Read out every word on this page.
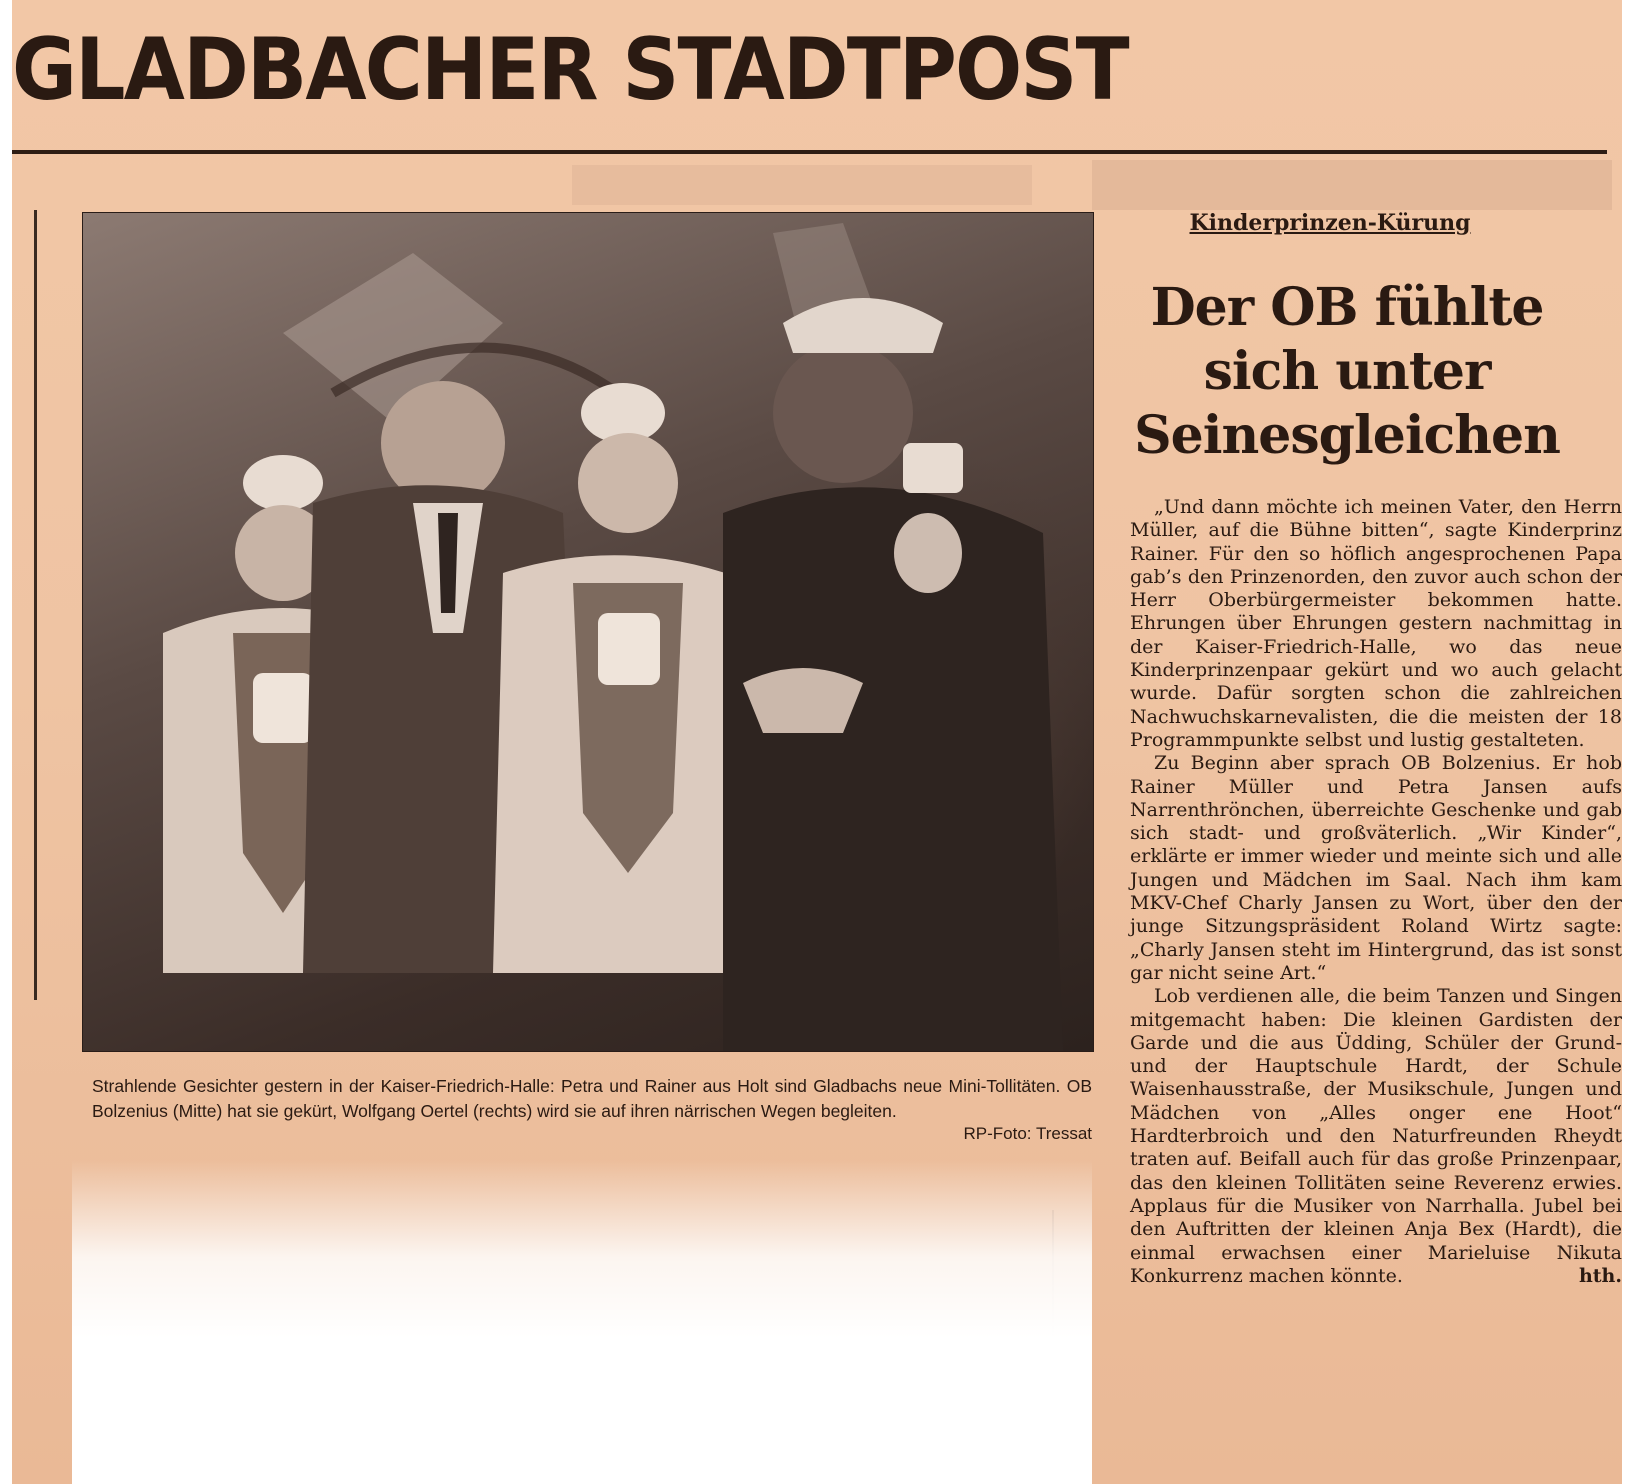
GLADBACHER STADTPOST
Strahlende Gesichter gestern in der Kaiser-Friedrich-Halle: Petra und Rainer aus Holt sind Gladbachs neue Mini-Tollitäten. OB Bolzenius (Mitte) hat sie gekürt, Wolfgang Oertel (rechts) wird sie auf ihren närrischen Wegen begleiten.
RP-Foto: Tressat
Kinderprinzen-Kürung
Der OB fühlte
sich unter
Seinesgleichen

„Und dann möchte ich meinen Vater, den Herrn Müller, auf die Bühne bitten“, sagte Kinderprinz Rainer. Für den so höflich angesprochenen Papa gab’s den Prinzenorden, den zuvor auch schon der Herr Oberbürgermeister bekommen hatte. Ehrungen über Ehrungen gestern nachmittag in der Kaiser-Friedrich-Halle, wo das neue Kinderprinzenpaar gekürt und wo auch gelacht wurde. Dafür sorgten schon die zahlreichen Nachwuchskarnevalisten, die die meisten der 18 Programmpunkte selbst und lustig gestalteten.

Zu Beginn aber sprach OB Bolzenius. Er hob Rainer Müller und Petra Jansen aufs Narrenthrönchen, überreichte Geschenke und gab sich stadt- und großväterlich. „Wir Kinder“, erklärte er immer wieder und meinte sich und alle Jungen und Mädchen im Saal. Nach ihm kam MKV-Chef Charly Jansen zu Wort, über den der junge Sitzungspräsident Roland Wirtz sagte: „Charly Jansen steht im Hintergrund, das ist sonst gar nicht seine Art.“

Lob verdienen alle, die beim Tanzen und Singen mitgemacht haben: Die kleinen Gardisten der Garde und die aus Üdding, Schüler der Grund- und der Hauptschule Hardt, der Schule Waisenhausstraße, der Musikschule, Jungen und Mädchen von „Alles onger ene Hoot“ Hardterbroich und den Naturfreunden Rheydt traten auf. Beifall auch für das große Prinzenpaar, das den kleinen Tollitäten seine Reverenz erwies. Applaus für die Musiker von Narrhalla. Jubel bei den Auftritten der kleinen Anja Bex (Hardt), die einmal erwachsen einer Marieluise Nikuta Konkurrenz machen könnte.	hth.
